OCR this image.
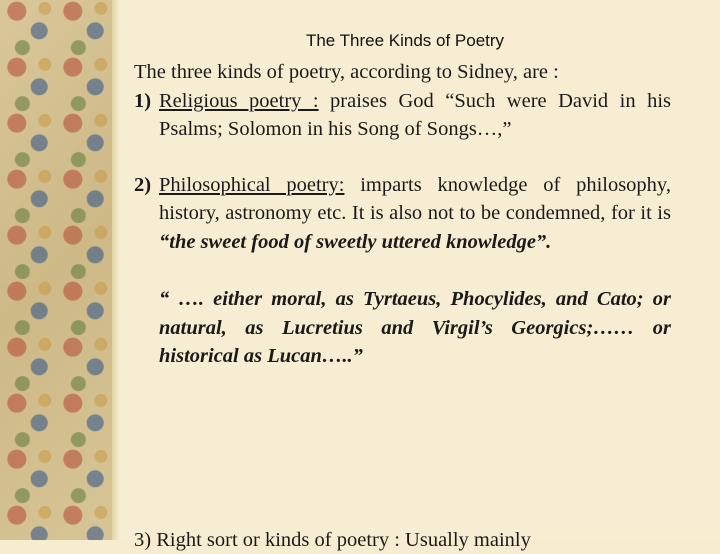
The Three Kinds of Poetry

The three kinds of poetry, according to Sidney, are :

1) Religious poetry : praises God “Such were David in his Psalms; Solomon in his Song of Songs…,”

2) Philosophical poetry: imparts knowledge of philosophy, history, astronomy etc. It is also not to be condemned, for it is “the sweet food of sweetly uttered knowledge”.

“ …. either moral, as Tyrtaeus, Phocylides, and Cato; or natural, as Lucretius and Virgil’s Georgics;…… or historical as Lucan…..”

3) Right sort or kinds of poetry : Usually mainly
